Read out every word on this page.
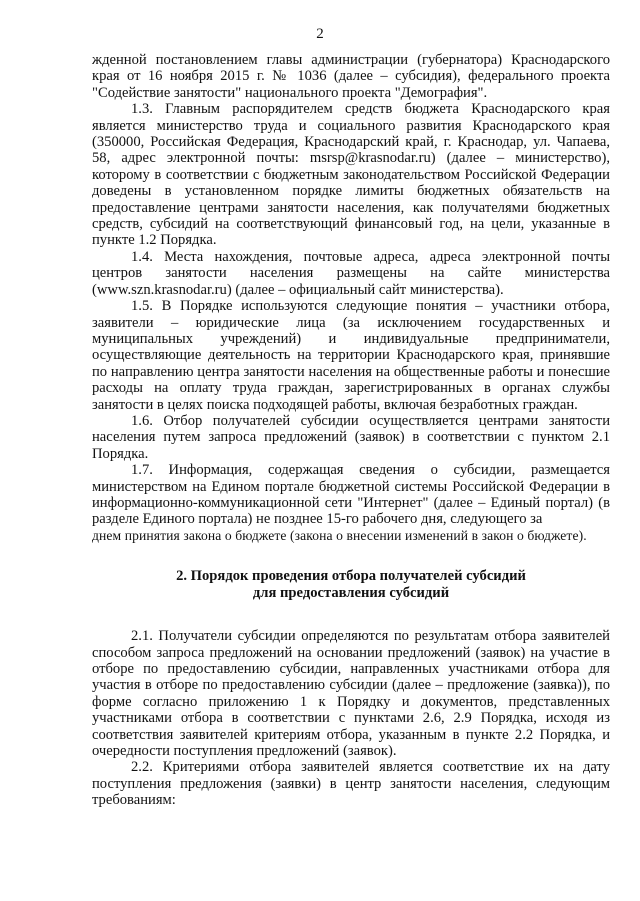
2

жденной постановлением главы администрации (губернатора) Краснодарского края от 16 ноября 2015 г. № 1036 (далее – субсидия), федерального проекта "Содействие занятости" национального проекта "Демография".

1.3. Главным распорядителем средств бюджета Краснодарского края является министерство труда и социального развития Краснодарского края (350000, Российская Федерация, Краснодарский край, г. Краснодар, ул. Чапаева, 58, адрес электронной почты: msrsp@krasnodar.ru) (далее – министерство), которому в соответствии с бюджетным законодательством Российской Федерации доведены в установленном порядке лимиты бюджетных обязательств на предоставление центрами занятости населения, как получателями бюджетных средств, субсидий на соответствующий финансовый год, на цели, указанные в пункте 1.2 Порядка.

1.4. Места нахождения, почтовые адреса, адреса электронной почты центров занятости населения размещены на сайте министерства (www.szn.krasnodar.ru) (далее – официальный сайт министерства).

1.5. В Порядке используются следующие понятия – участники отбора, заявители – юридические лица (за исключением государственных и муниципальных учреждений) и индивидуальные предприниматели, осуществляющие деятельность на территории Краснодарского края, принявшие по направлению центра занятости населения на общественные работы и понесшие расходы на оплату труда граждан, зарегистрированных в органах службы занятости в целях поиска подходящей работы, включая безработных граждан.

1.6. Отбор получателей субсидии осуществляется центрами занятости населения путем запроса предложений (заявок) в соответствии с пунктом 2.1 Порядка.

1.7. Информация, содержащая сведения о субсидии, размещается министерством на Едином портале бюджетной системы Российской Федерации в информационно-коммуникационной сети "Интернет" (далее – Единый портал) (в разделе Единого портала) не позднее 15-го рабочего дня, следующего за

днем принятия закона о бюджете (закона о внесении изменений в закон о бюджете).

2. Порядок проведения отбора получателей субсидий
для предоставления субсидий

2.1. Получатели субсидии определяются по результатам отбора заявителей способом запроса предложений на основании предложений (заявок) на участие в отборе по предоставлению субсидии, направленных участниками отбора для участия в отборе по предоставлению субсидии (далее – предложение (заявка)), по форме согласно приложению 1 к Порядку и документов, представленных участниками отбора в соответствии с пунктами 2.6, 2.9 Порядка, исходя из соответствия заявителей критериям отбора, указанным в пункте 2.2 Порядка, и очередности поступления предложений (заявок).

2.2. Критериями отбора заявителей является соответствие их на дату поступления предложения (заявки) в центр занятости населения, следующим требованиям:
